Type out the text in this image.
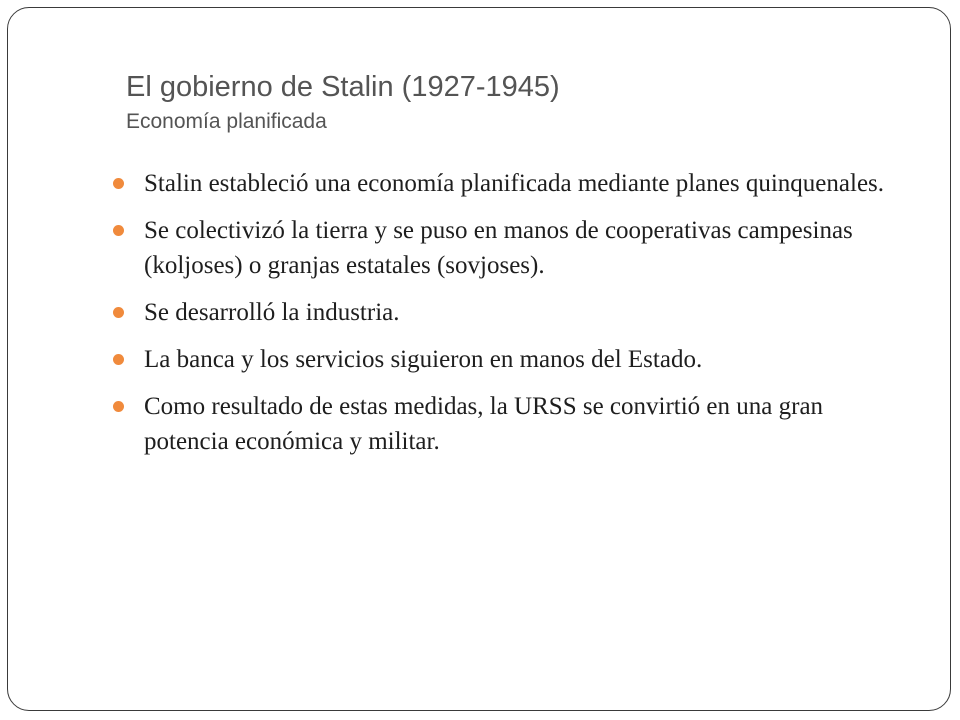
El gobierno de Stalin (1927-1945)
Economía planificada
Stalin estableció una economía planificada mediante planes quinquenales.
Se colectivizó la tierra y se puso en manos de cooperativas campesinas (koljoses) o granjas estatales (sovjoses).
Se desarrolló la industria.
La banca y los servicios siguieron en manos del Estado.
Como resultado de estas medidas, la URSS se convirtió en una gran potencia económica y militar.
